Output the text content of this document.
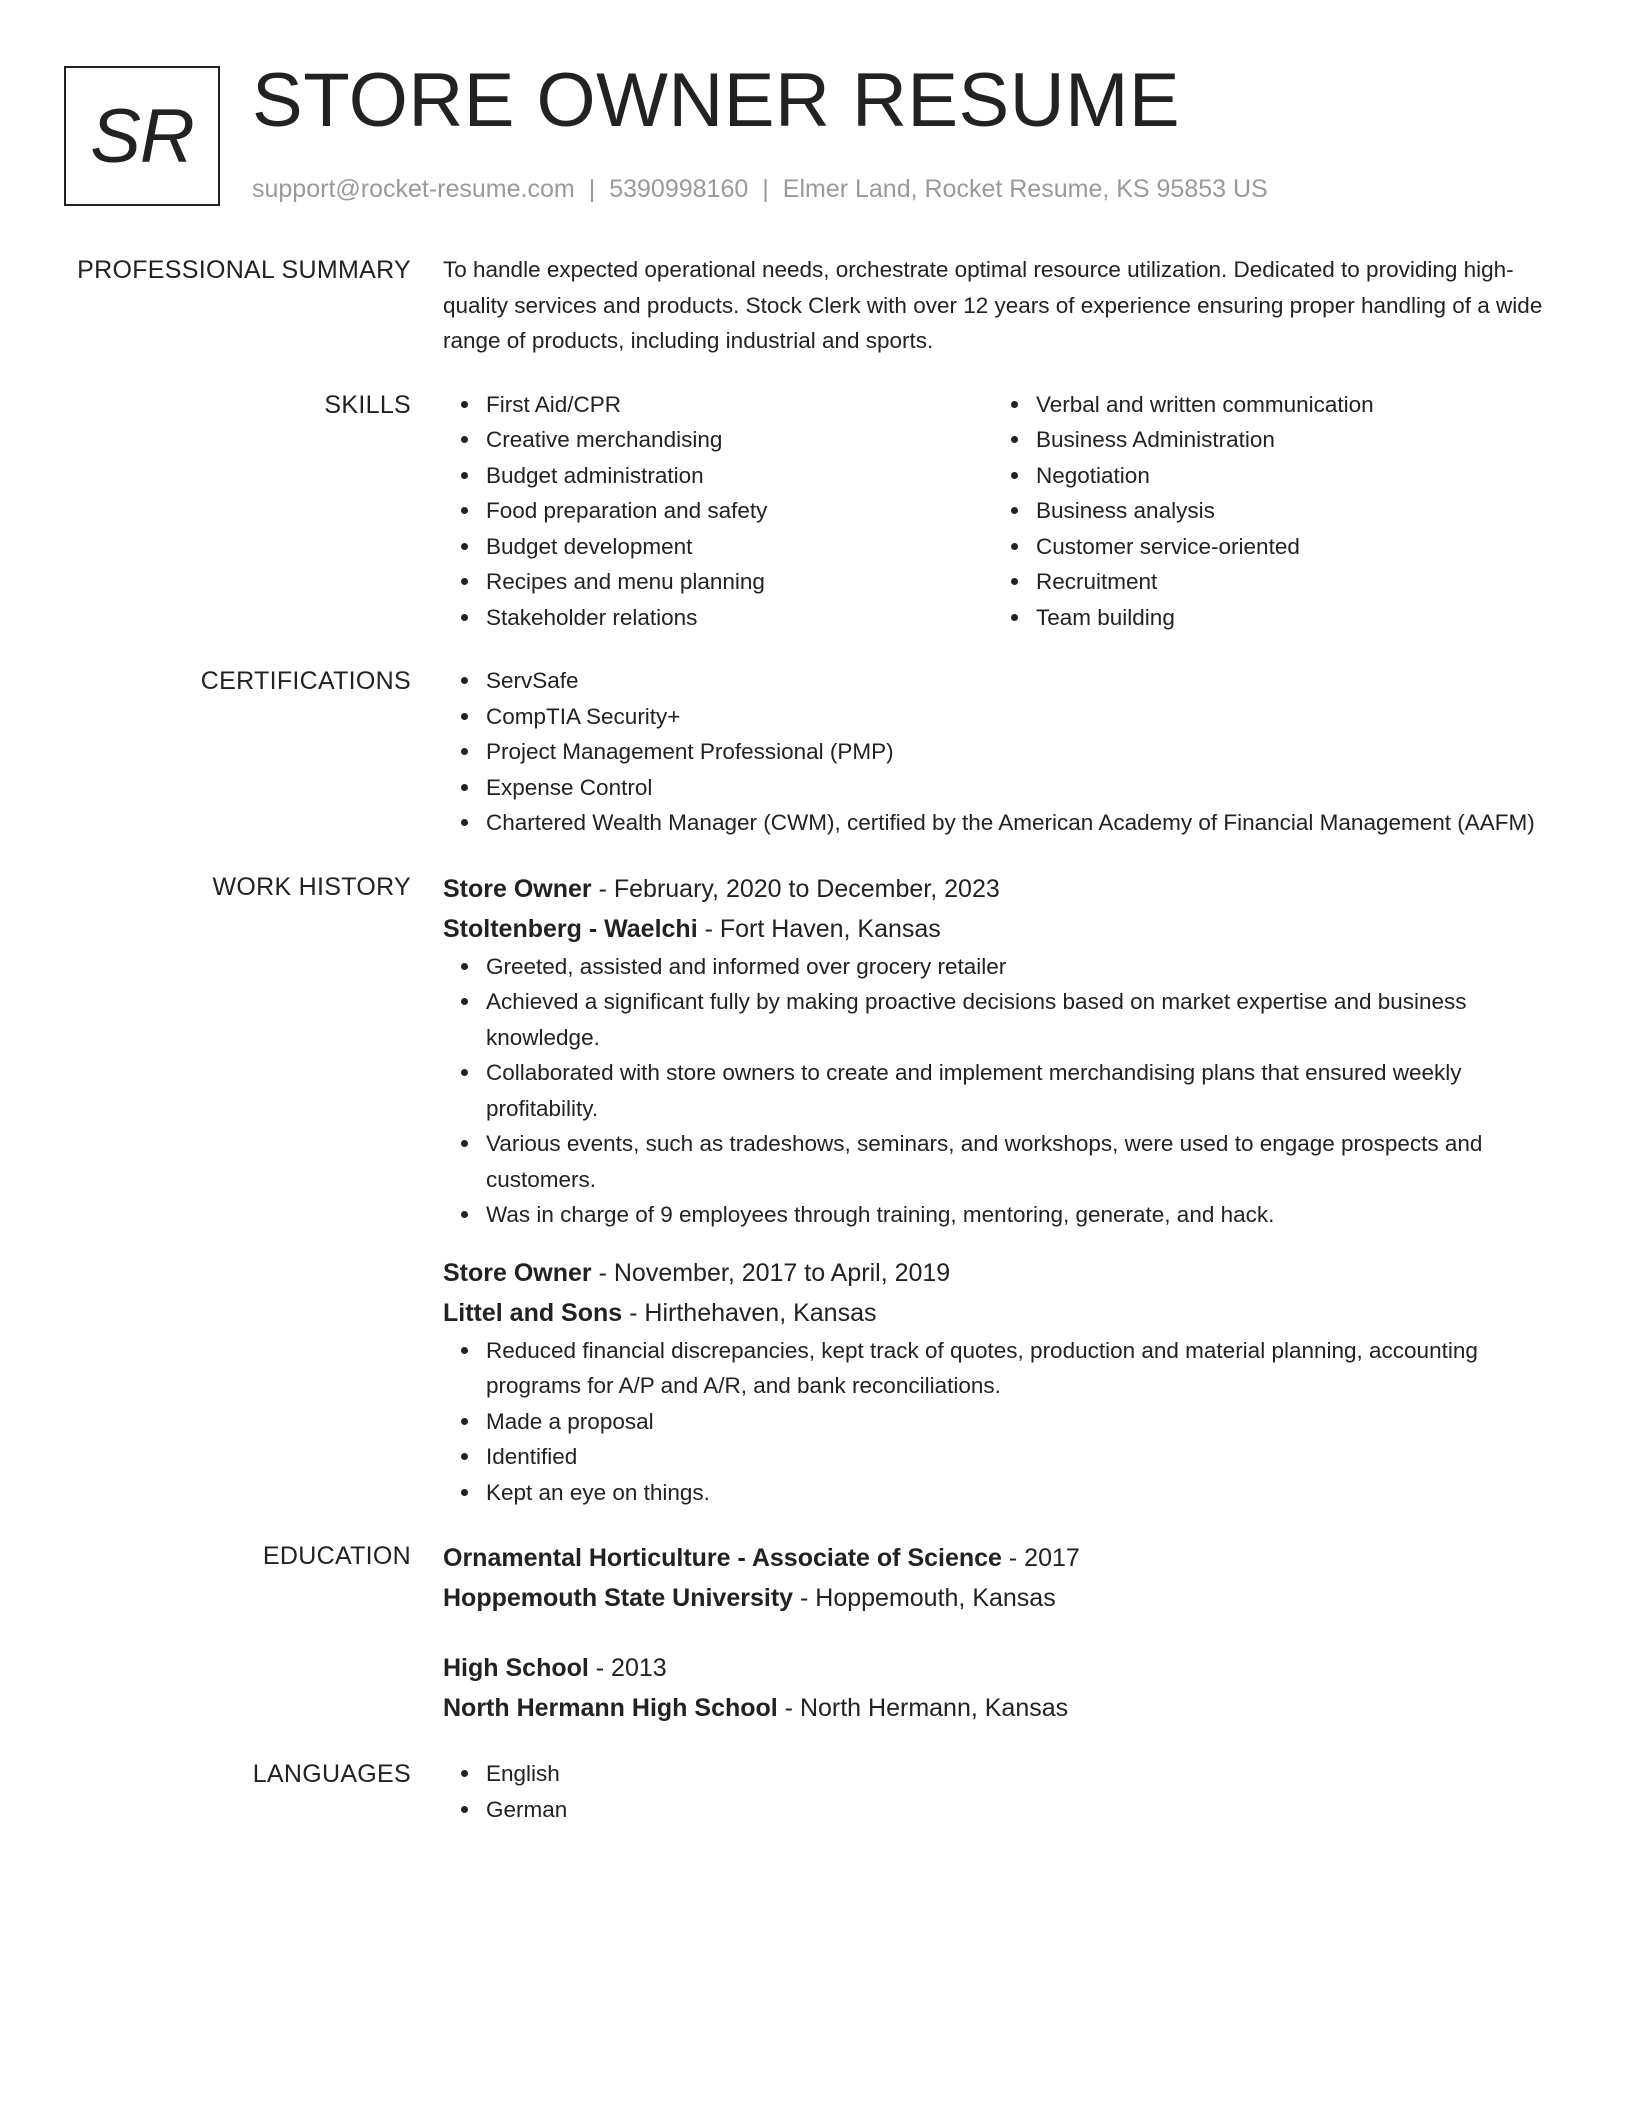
SR STORE OWNER RESUME
support@rocket-resume.com | 5390998160 | Elmer Land, Rocket Resume, KS 95853 US
PROFESSIONAL SUMMARY To handle expected operational needs, orchestrate optimal resource utilization. Dedicated to providing high-quality services and products. Stock Clerk with over 12 years of experience ensuring proper handling of a wide range of products, including industrial and sports.

SKILLS	First Aid/CPR
Creative merchandising
Budget administration
Food preparation and safety
Budget development
Recipes and menu planning
Stakeholder relations
Verbal and written communication
Business Administration
Negotiation
Business analysis
Customer service-oriented
Recruitment
Team building
CERTIFICATIONS	ServSafe
CompTIA Security+
Project Management Professional (PMP)
Expense Control
Chartered Wealth Manager (CWM), certified by the American Academy of Financial Management (AAFM)
WORK HISTORY Store Owner - February, 2020 to December, 2023
Stoltenberg - Waelchi - Fort Haven, Kansas
Greeted, assisted and informed over grocery retailer
Achieved a significant fully by making proactive decisions based on market expertise and business knowledge.
Collaborated with store owners to create and implement merchandising plans that ensured weekly profitability.
Various events, such as tradeshows, seminars, and workshops, were used to engage prospects and customers.
Was in charge of 9 employees through training, mentoring, generate, and hack.
Store Owner - November, 2017 to April, 2019
Littel and Sons - Hirthehaven, Kansas
Reduced financial discrepancies, kept track of quotes, production and material planning, accounting programs for A/P and A/R, and bank reconciliations.
Made a proposal
Identified
Kept an eye on things.
EDUCATION Ornamental Horticulture - Associate of Science - 2017
Hoppemouth State University - Hoppemouth, Kansas
High School - 2013
North Hermann High School - North Hermann, Kansas
LANGUAGES	English
German
